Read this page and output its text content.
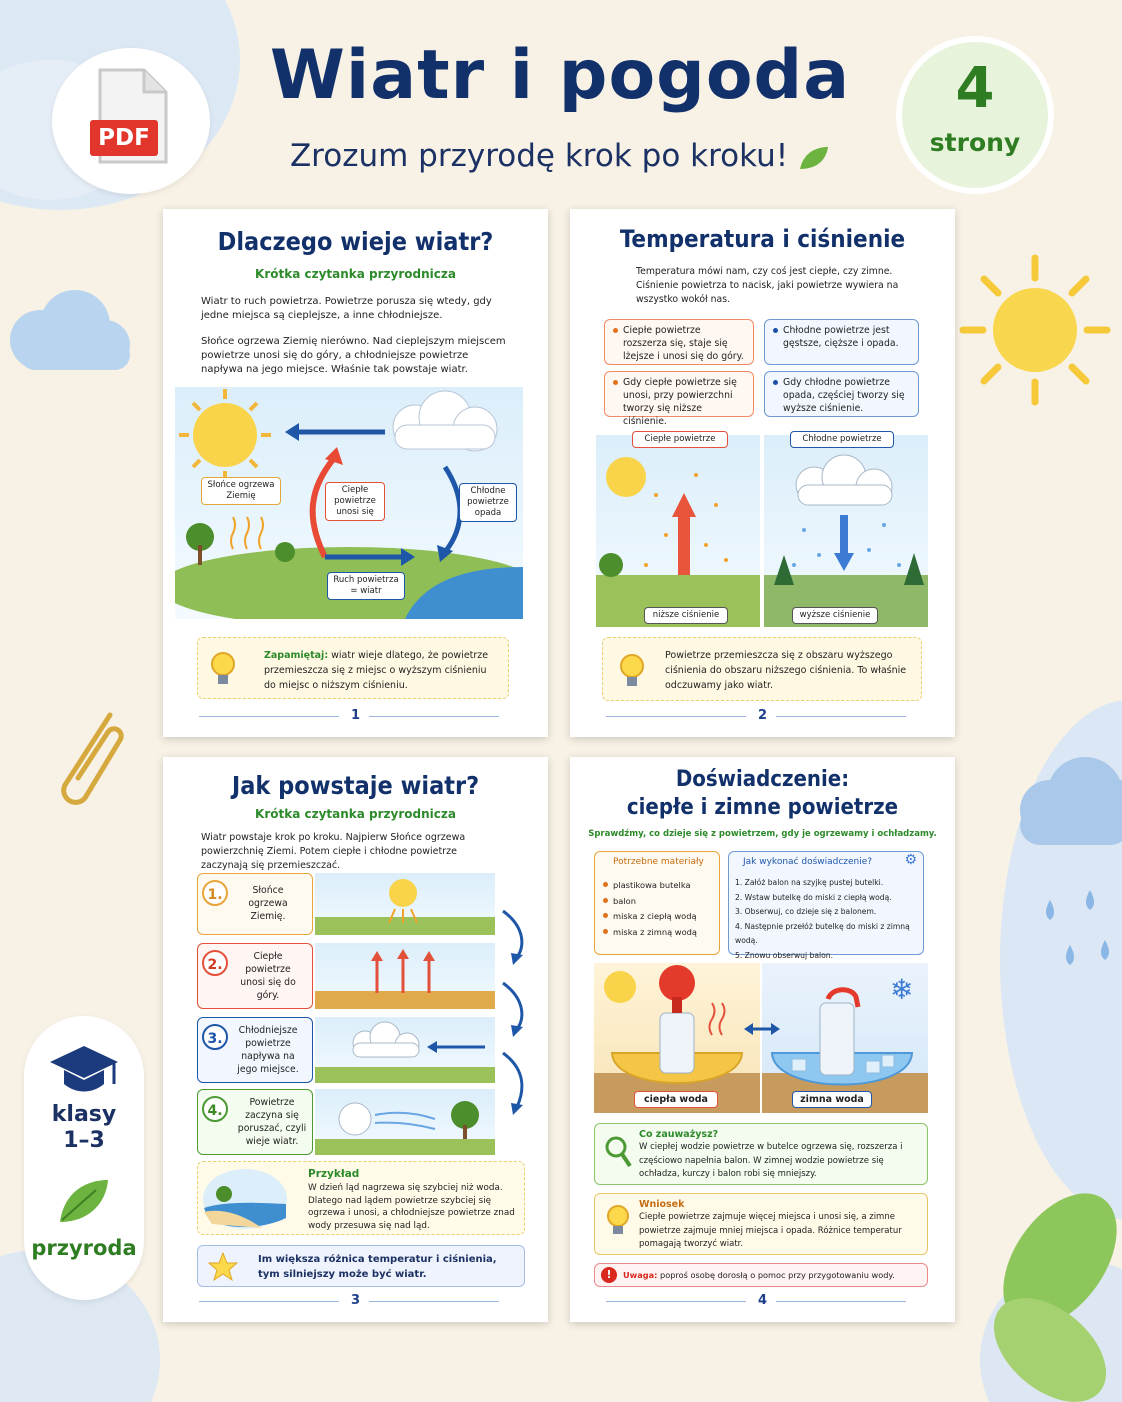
PDF
Wiatr i pogoda
Zrozum przyrodę krok po kroku!
4
strony
klasy
1–3
przyroda
Dlaczego wieje wiatr?
Krótka czytanka przyrodnicza
Wiatr to ruch powietrza. Powietrze porusza się wtedy, gdy jedne miejsca są cieplejsze, a inne chłodniejsze.
Słońce ogrzewa Ziemię nierówno. Nad cieplejszym miejscem powietrze unosi się do góry, a chłodniejsze powietrze napływa na jego miejsce. Właśnie tak powstaje wiatr.
Słońce ogrzewa Ziemię
Ciepłe powietrze unosi się
Chłodne powietrze opada
Ruch powietrza = wiatr
Zapamiętaj: wiatr wieje dlatego, że powietrze przemieszcza się z miejsc o wyższym ciśnieniu do miejsc o niższym ciśnieniu.
1
Temperatura i ciśnienie
Temperatura mówi nam, czy coś jest ciepłe, czy zimne. Ciśnienie powietrza to nacisk, jaki powietrze wywiera na wszystko wokół nas.
Ciepłe powietrze rozszerza się, staje się lżejsze i unosi się do góry.
Chłodne powietrze jest gęstsze, cięższe i opada.
Gdy ciepłe powietrze się unosi, przy powierzchni tworzy się niższe ciśnienie.
Gdy chłodne powietrze opada, częściej tworzy się wyższe ciśnienie.
Ciepłe powietrze	Chłodne powietrze
niższe ciśnienie	wyższe ciśnienie
Powietrze przemieszcza się z obszaru wyższego ciśnienia do obszaru niższego ciśnienia. To właśnie odczuwamy jako wiatr.
2
Jak powstaje wiatr?
Krótka czytanka przyrodnicza
Wiatr powstaje krok po kroku. Najpierw Słońce ogrzewa powierzchnię Ziemi. Potem ciepłe i chłodne powietrze zaczynają się przemieszczać.
1.	Słońce ogrzewa Ziemię.
2.
Ciepłe powietrze unosi się do góry.
3.
Chłodniejsze powietrze napływa na jego miejsce.
4.
Powietrze zaczyna się poruszać, czyli wieje wiatr.
Przykład
W dzień ląd nagrzewa się szybciej niż woda. Dlatego nad lądem powietrze szybciej się ogrzewa i unosi, a chłodniejsze powietrze znad wody przesuwa się nad ląd.
Im większa różnica temperatur i ciśnienia, tym silniejszy może być wiatr.
3
Doświadczenie:
ciepłe i zimne powietrze
Sprawdźmy, co dzieje się z powietrzem, gdy je ogrzewamy i ochładzamy.
Potrzebne materiały
plastikowa butelka
balon
miska z ciepłą wodą
miska z zimną wodą
Jak wykonać doświadczenie? ⚙
1. Załóż balon na szyjkę pustej butelki.
2. Wstaw butelkę do miski z ciepłą wodą.
3. Obserwuj, co dzieje się z balonem.
4. Następnie przełóż butelkę do miski z zimną wodą.
5. Znowu obserwuj balon.
❄
ciepła woda	zimna woda
Co zauważysz?
W ciepłej wodzie powietrze w butelce ogrzewa się, rozszerza i częściowo napełnia balon. W zimnej wodzie powietrze się ochładza, kurczy i balon robi się mniejszy.
Wniosek
Ciepłe powietrze zajmuje więcej miejsca i unosi się, a zimne powietrze zajmuje mniej miejsca i opada. Różnice temperatur pomagają tworzyć wiatr.
!	Uwaga: poproś osobę dorosłą o pomoc przy przygotowaniu wody.
4
